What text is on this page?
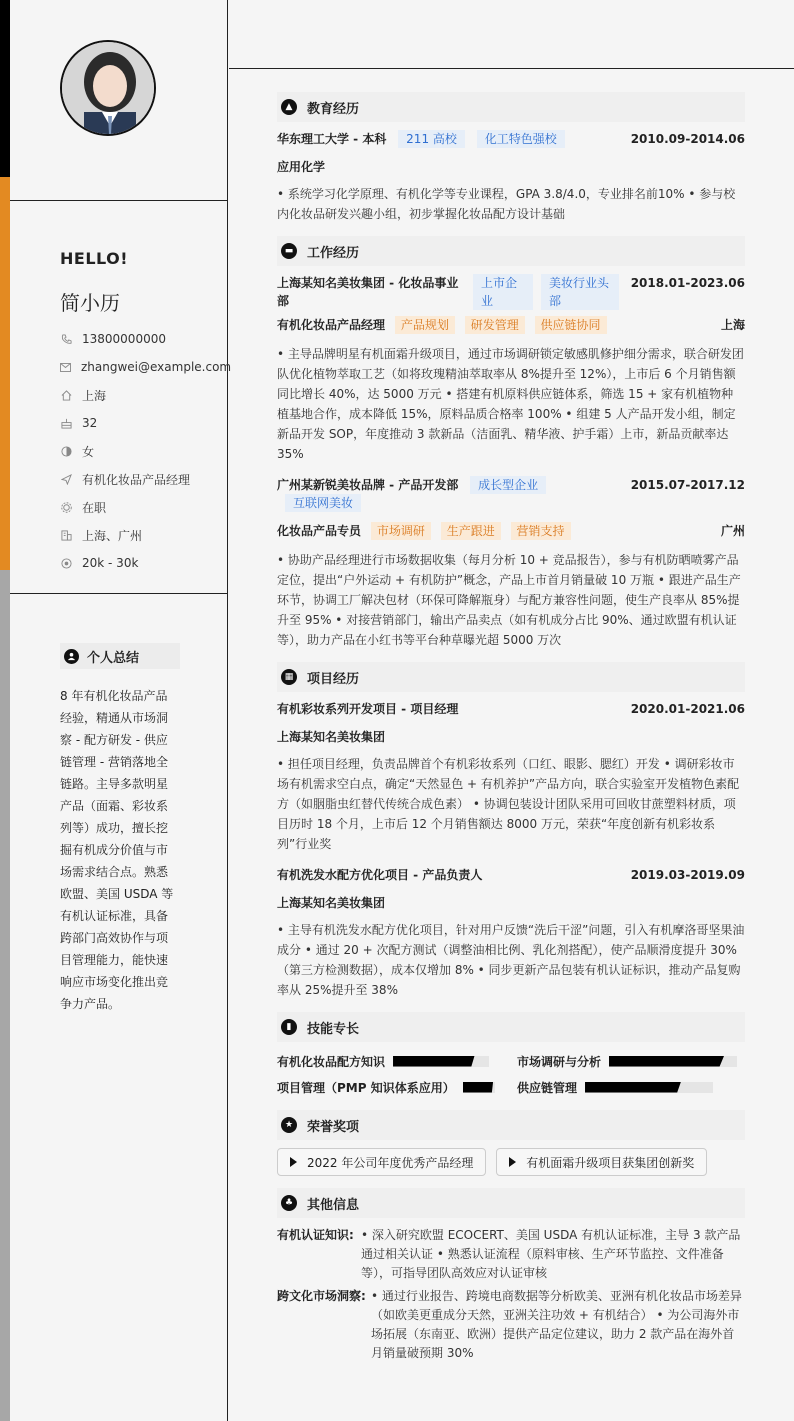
HELLO!
简小历
13800000000
zhangwei@example.com
上海
32
女
有机化妆品产品经理
在职
上海、广州
20k - 30k
个人总结
8 年有机化妆品产品经验，精通从市场洞察 - 配方研发 - 供应链管理 - 营销落地全链路。主导多款明星产品（面霜、彩妆系列等）成功，擅长挖掘有机成分价值与市场需求结合点。熟悉欧盟、美国 USDA 等有机认证标准，具备跨部门高效协作与项目管理能力，能快速响应市场变化推出竞争力产品。
▲	教育经历
华东理工大学 - 本科 211 高校 化工特色强校	2010.09-2014.06
应用化学
• 系统学习化学原理、有机化学等专业课程，GPA 3.8/4.0，专业排名前10% • 参与校内化妆品研发兴趣小组，初步掌握化妆品配方设计基础
▬ 工作经历
上海某知名美妆集团 - 化妆品事业部
上市企业
美妆行业头部
2018.01-2023.06
有机化妆品产品经理 产品规划 研发管理 供应链协同	上海
• 主导品牌明星有机面霜升级项目，通过市场调研锁定敏感肌修护细分需求，联合研发团队优化植物萃取工艺（如将玫瑰精油萃取率从 8%提升至 12%），上市后 6 个月销售额同比增长 40%，达 5000 万元 • 搭建有机原料供应链体系，筛选 15 + 家有机植物种植基地合作，成本降低 15%，原料品质合格率 100% • 组建 5 人产品开发小组，制定新品开发 SOP，年度推动 3 款新品（洁面乳、精华液、护手霜）上市，新品贡献率达 35%
广州某新锐美妆品牌 - 产品开发部 成长型企业 互联网美妆
2015.07-2017.12
化妆品产品专员 市场调研 生产跟进 营销支持	广州
• 协助产品经理进行市场数据收集（每月分析 10 + 竞品报告），参与有机防晒喷雾产品定位，提出“户外运动 + 有机防护”概念，产品上市首月销量破 10 万瓶 • 跟进产品生产环节，协调工厂解决包材（环保可降解瓶身）与配方兼容性问题，使生产良率从 85%提升至 95% • 对接营销部门，输出产品卖点（如有机成分占比 90%、通过欧盟有机认证等），助力产品在小红书等平台种草曝光超 5000 万次
▦ 项目经历
有机彩妆系列开发项目 - 项目经理	2020.01-2021.06
上海某知名美妆集团
• 担任项目经理，负责品牌首个有机彩妆系列（口红、眼影、腮红）开发 • 调研彩妆市场有机需求空白点，确定“天然显色 + 有机养护”产品方向，联合实验室开发植物色素配方（如胭脂虫红替代传统合成色素） • 协调包装设计团队采用可回收甘蔗塑料材质，项目历时 18 个月，上市后 12 个月销售额达 8000 万元，荣获“年度创新有机彩妆系列”行业奖
有机洗发水配方优化项目 - 产品负责人	2019.03-2019.09
上海某知名美妆集团
• 主导有机洗发水配方优化项目，针对用户反馈“洗后干涩”问题，引入有机摩洛哥坚果油成分 • 通过 20 + 次配方测试（调整油相比例、乳化剂搭配），使产品顺滑度提升 30%（第三方检测数据），成本仅增加 8% • 同步更新产品包装有机认证标识，推动产品复购率从 25%提升至 38%
▮	技能专长
有机化妆品配方知识	市场调研与分析
项目管理（PMP 知识体系应用）	供应链管理
★	荣誉奖项
2022 年公司年度优秀产品经理
	有机面霜升级项目获集团创新奖
♣	其他信息
有机认证知识: • 深入研究欧盟 ECOCERT、美国 USDA 有机认证标准，主导 3 款产品通过相关认证 • 熟悉认证流程（原料审核、生产环节监控、文件准备等），可指导团队高效应对认证审核
跨文化市场洞察: • 通过行业报告、跨境电商数据等分析欧美、亚洲有机化妆品市场差异（如欧美更重成分天然，亚洲关注功效 + 有机结合） • 为公司海外市场拓展（东南亚、欧洲）提供产品定位建议，助力 2 款产品在海外首月销量破预期 30%
